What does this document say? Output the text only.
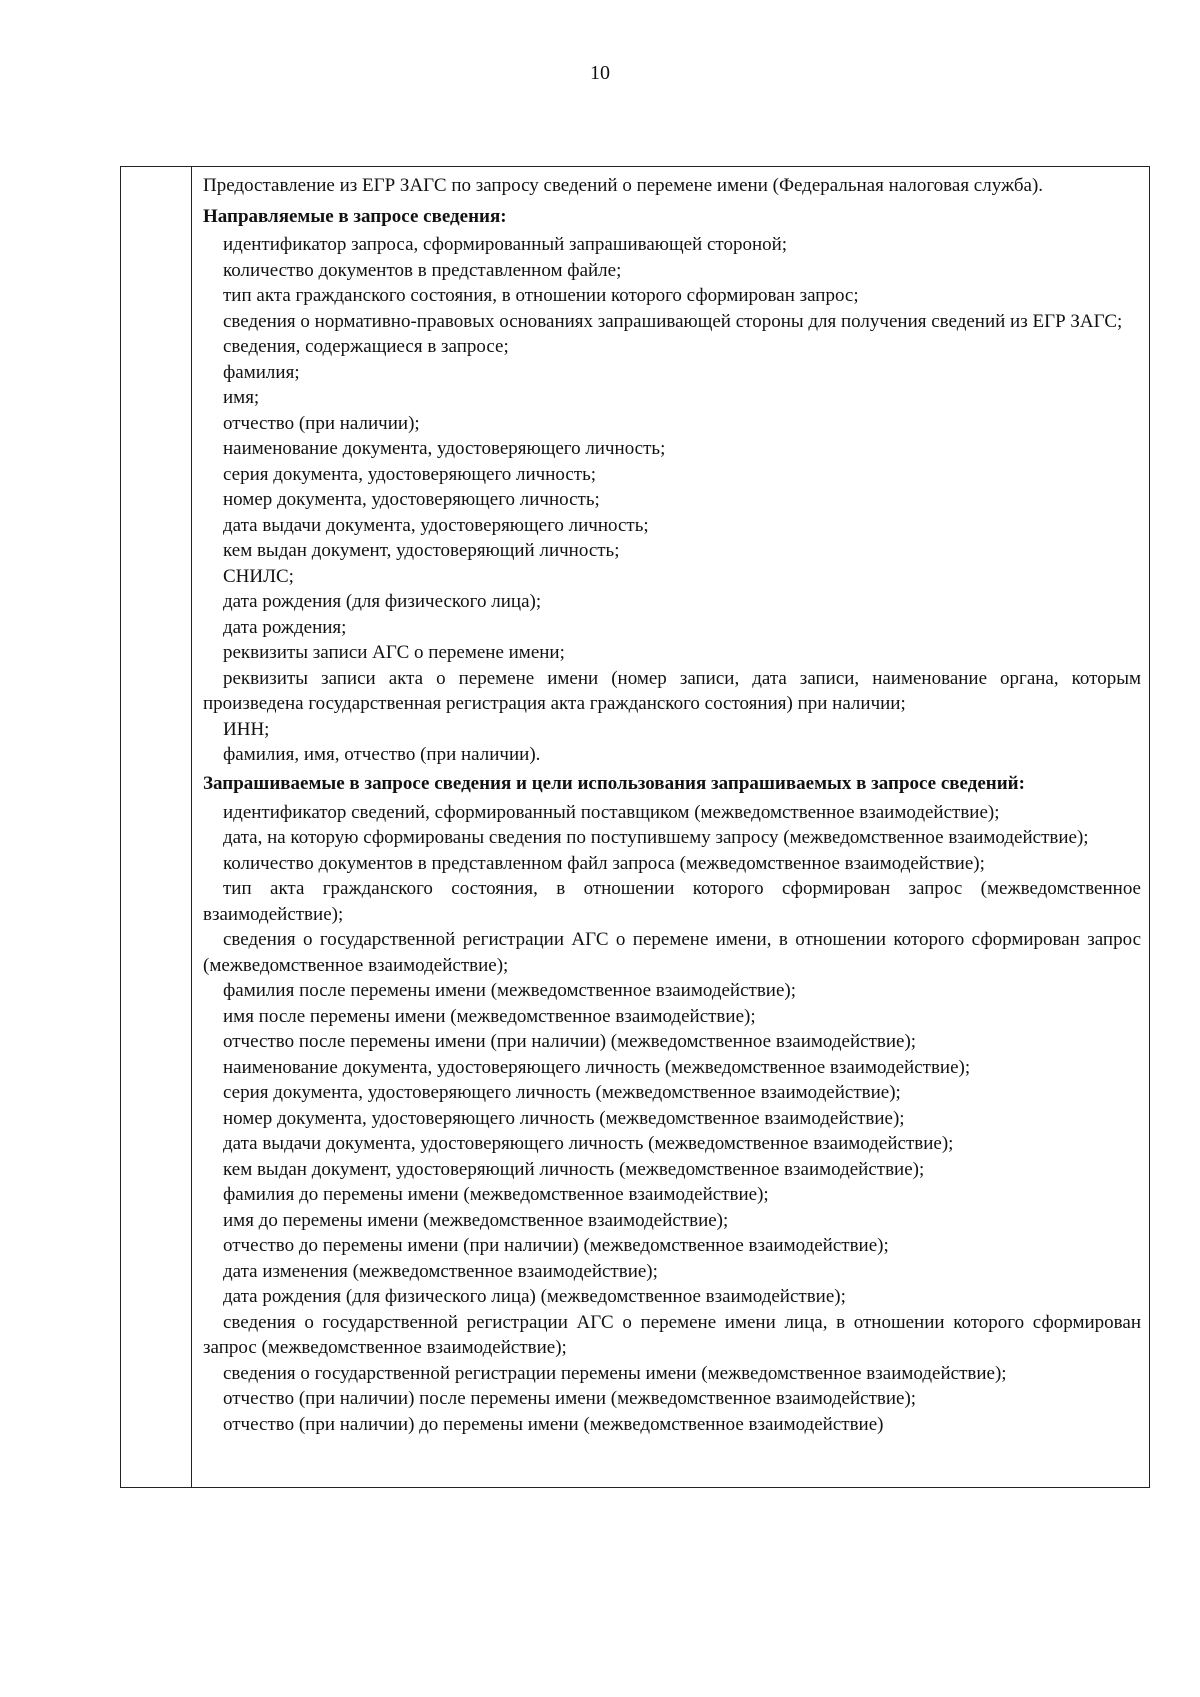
10

Предоставление из ЕГР ЗАГС по запросу сведений о перемене имени (Федеральная налоговая служба).

Направляемые в запросе сведения:

идентификатор запроса, сформированный запрашивающей стороной;

количество документов в представленном файле;

тип акта гражданского состояния, в отношении которого сформирован запрос;

сведения о нормативно-правовых основаниях запрашивающей стороны для получения сведений из ЕГР ЗАГС;

сведения, содержащиеся в запросе;

фамилия;

имя;

отчество (при наличии);

наименование документа, удостоверяющего личность;

серия документа, удостоверяющего личность;

номер документа, удостоверяющего личность;

дата выдачи документа, удостоверяющего личность;

кем выдан документ, удостоверяющий личность;

СНИЛС;

дата рождения (для физического лица);

дата рождения;

реквизиты записи АГС о перемене имени;

реквизиты записи акта о перемене имени (номер записи, дата записи, наименование органа, которым произведена государственная регистрация акта гражданского состояния) при наличии;

ИНН;

фамилия, имя, отчество (при наличии).

Запрашиваемые в запросе сведения и цели использования запрашиваемых в запросе сведений:

идентификатор сведений, сформированный поставщиком (межведомственное взаимодействие);

дата, на которую сформированы сведения по поступившему запросу (межведомственное взаимодействие);

количество документов в представленном файл запроса (межведомственное взаимодействие);

тип акта гражданского состояния, в отношении которого сформирован запрос (межведомственное взаимодействие);

сведения о государственной регистрации АГС о перемене имени, в отношении которого сформирован запрос (межведомственное взаимодействие);

фамилия после перемены имени (межведомственное взаимодействие);

имя после перемены имени (межведомственное взаимодействие);

отчество после перемены имени (при наличии) (межведомственное взаимодействие);

наименование документа, удостоверяющего личность (межведомственное взаимодействие);

серия документа, удостоверяющего личность (межведомственное взаимодействие);

номер документа, удостоверяющего личность (межведомственное взаимодействие);

дата выдачи документа, удостоверяющего личность (межведомственное взаимодействие);

кем выдан документ, удостоверяющий личность (межведомственное взаимодействие);

фамилия до перемены имени (межведомственное взаимодействие);

имя до перемены имени (межведомственное взаимодействие);

отчество до перемены имени (при наличии) (межведомственное взаимодействие);

дата изменения (межведомственное взаимодействие);

дата рождения (для физического лица) (межведомственное взаимодействие);

сведения о государственной регистрации АГС о перемене имени лица, в отношении которого сформирован запрос (межведомственное взаимодействие);

сведения о государственной регистрации перемены имени (межведомственное взаимодействие);

отчество (при наличии) после перемены имени (межведомственное взаимодействие);

отчество (при наличии) до перемены имени (межведомственное взаимодействие)
